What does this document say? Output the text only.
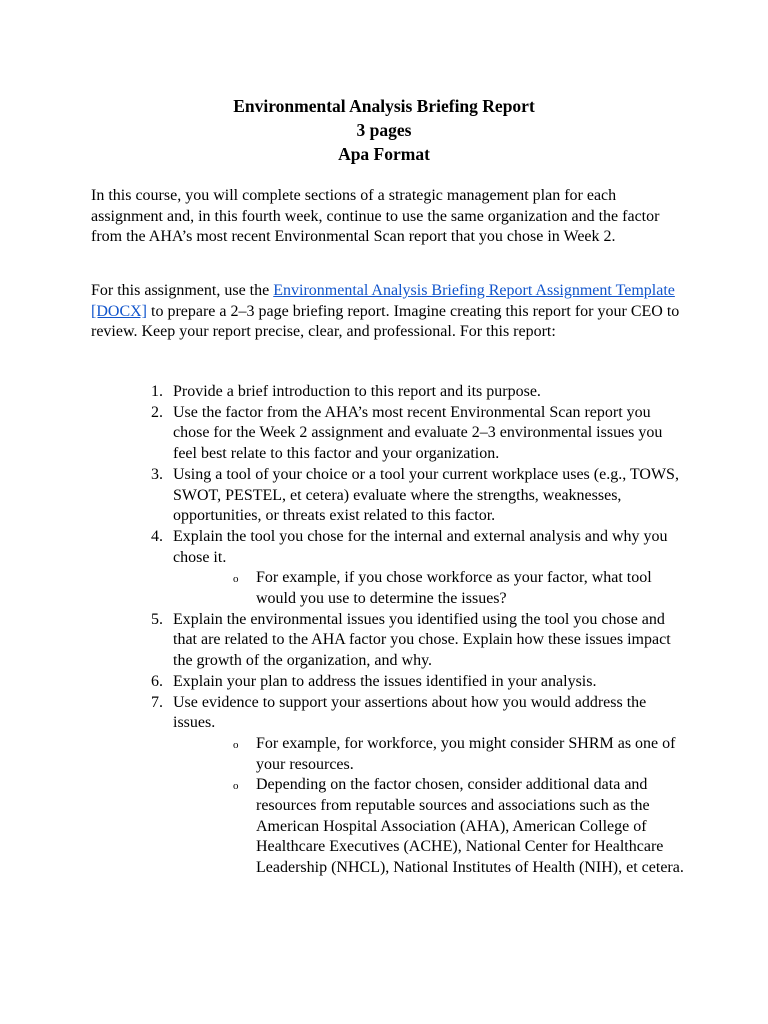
Environmental Analysis Briefing Report
3 pages
Apa Format
In this course, you will complete sections of a strategic management plan for each assignment and, in this fourth week, continue to use the same organization and the factor from the AHA’s most recent Environmental Scan report that you chose in Week 2.
For this assignment, use the Environmental Analysis Briefing Report Assignment Template [DOCX] to prepare a 2–3 page briefing report. Imagine creating this report for your CEO to review. Keep your report precise, clear, and professional. For this report:
1. Provide a brief introduction to this report and its purpose.
2. Use the factor from the AHA’s most recent Environmental Scan report you chose for the Week 2 assignment and evaluate 2–3 environmental issues you feel best relate to this factor and your organization.
3. Using a tool of your choice or a tool your current workplace uses (e.g., TOWS, SWOT, PESTEL, et cetera) evaluate where the strengths, weaknesses, opportunities, or threats exist related to this factor.
4. Explain the tool you chose for the internal and external analysis and why you chose it.
o For example, if you chose workforce as your factor, what tool would you use to determine the issues?
5. Explain the environmental issues you identified using the tool you chose and that are related to the AHA factor you chose. Explain how these issues impact the growth of the organization, and why.
6. Explain your plan to address the issues identified in your analysis.
7. Use evidence to support your assertions about how you would address the issues.
o For example, for workforce, you might consider SHRM as one of your resources.
o Depending on the factor chosen, consider additional data and resources from reputable sources and associations such as the American Hospital Association (AHA), American College of Healthcare Executives (ACHE), National Center for Healthcare Leadership (NHCL), National Institutes of Health (NIH), et cetera.
